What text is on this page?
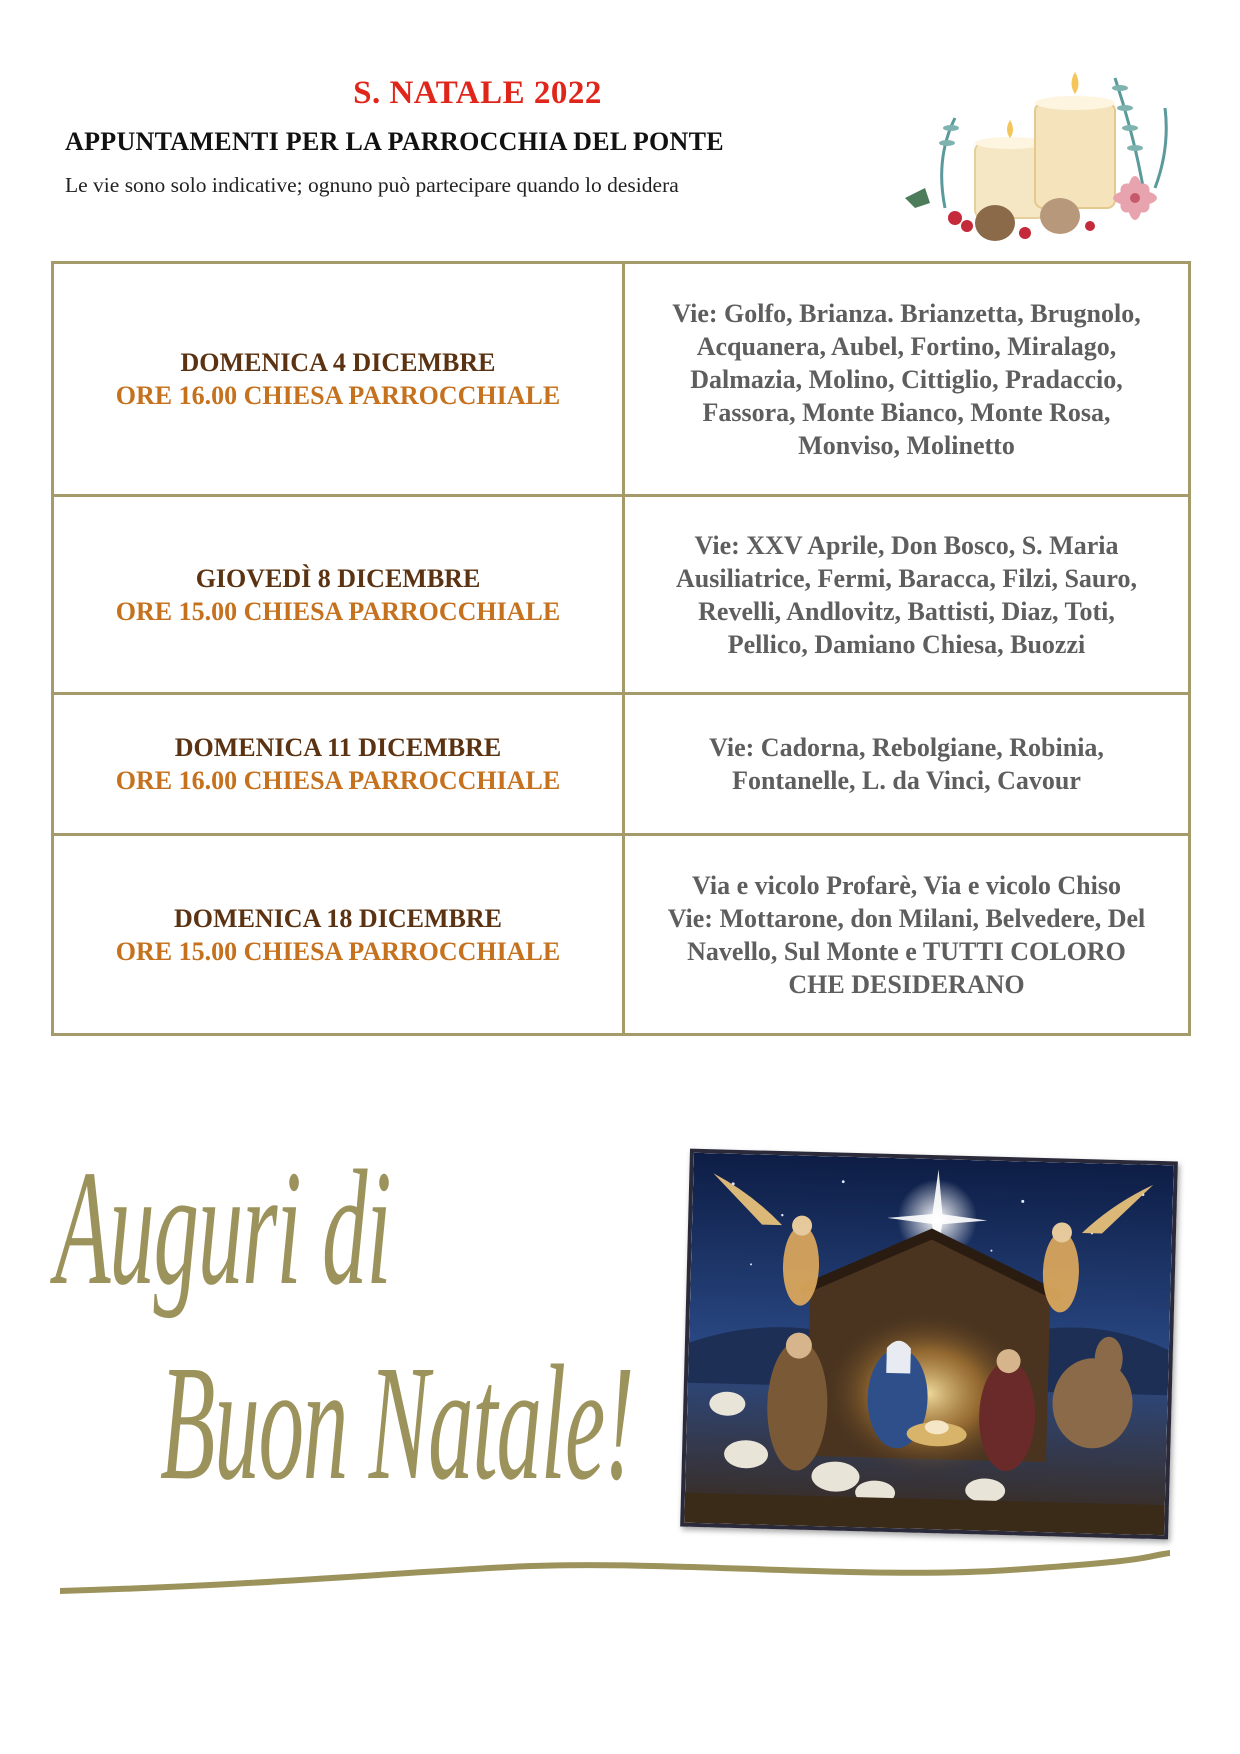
S. NATALE 2022
APPUNTAMENTI PER LA PARROCCHIA DEL PONTE
Le vie sono solo indicative; ognuno può partecipare quando lo desidera
DOMENICA 4 DICEMBRE
ORE 16.00 CHIESA PARROCCHIALE	Vie: Golfo, Brianza. Brianzetta, Brugnolo,
Acquanera, Aubel, Fortino, Miralago,
Dalmazia, Molino, Cittiglio, Pradaccio,
Fassora, Monte Bianco, Monte Rosa,
Monviso, Molinetto

GIOVEDÌ 8 DICEMBRE
ORE 15.00 CHIESA PARROCCHIALE	Vie: XXV Aprile, Don Bosco, S. Maria
Ausiliatrice, Fermi, Baracca, Filzi, Sauro,
Revelli, Andlovitz, Battisti, Diaz, Toti,
Pellico, Damiano Chiesa, Buozzi

DOMENICA 11 DICEMBRE
ORE 16.00 CHIESA PARROCCHIALE	Vie: Cadorna, Rebolgiane, Robinia,
Fontanelle, L. da Vinci, Cavour

DOMENICA 18 DICEMBRE
ORE 15.00 CHIESA PARROCCHIALE	Via e vicolo Profarè, Via e vicolo Chiso
Vie: Mottarone, don Milani, Belvedere, Del
Navello, Sul Monte e TUTTI COLORO
CHE DESIDERANO
Auguri di
Buon Natale!
